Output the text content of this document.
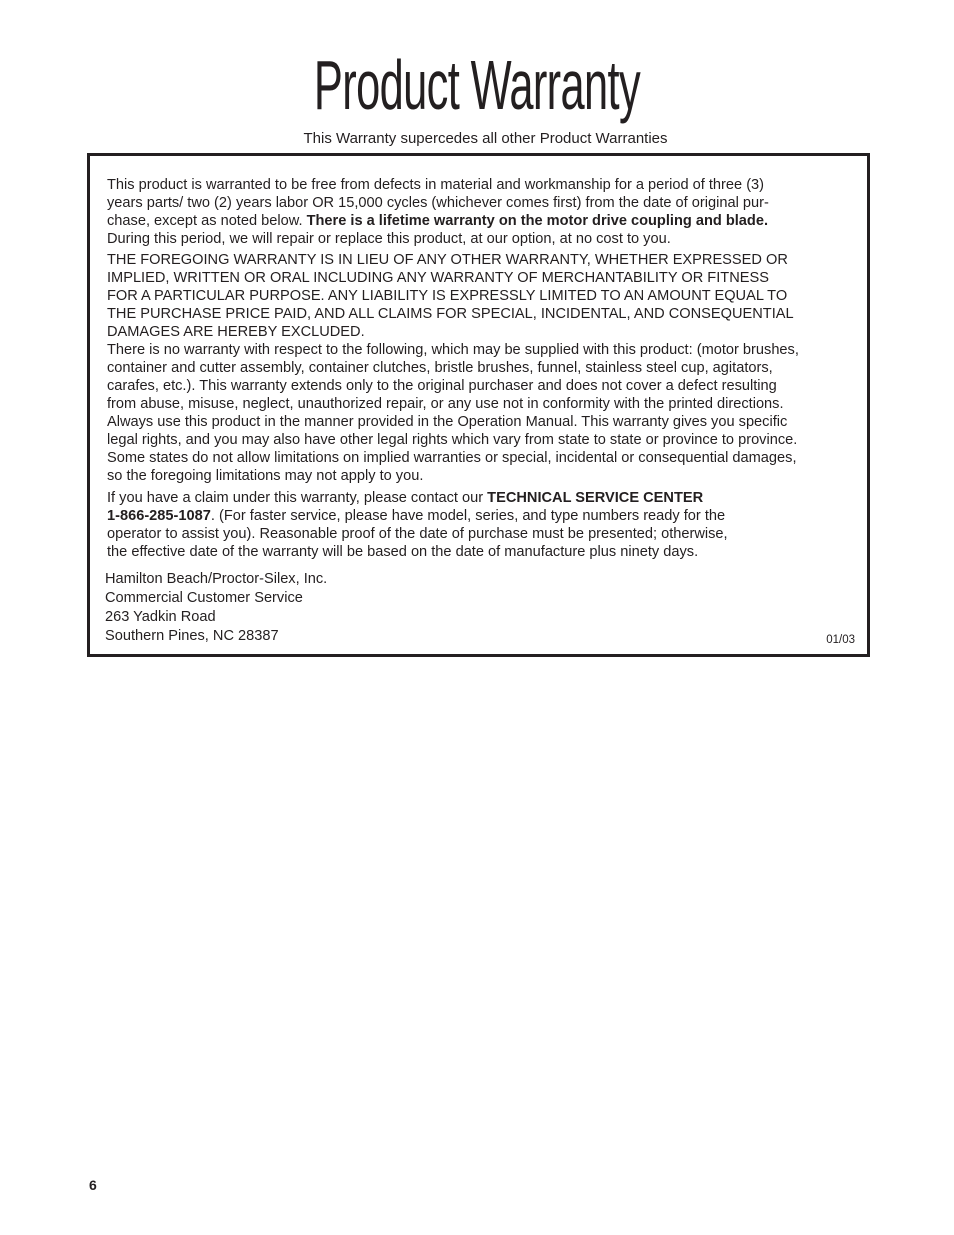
Product Warranty
This Warranty supercedes all other Product Warranties

This product is warranted to be free from defects in material and workmanship for a period of three (3)
years parts/ two (2) years labor OR 15,000 cycles (whichever comes first) from the date of original pur-
chase, except as noted below. There is a lifetime warranty on the motor drive coupling and blade.
During this period, we will repair or replace this product, at our option, at no cost to you.

THE FOREGOING WARRANTY IS IN LIEU OF ANY OTHER WARRANTY, WHETHER EXPRESSED OR
IMPLIED, WRITTEN OR ORAL INCLUDING ANY WARRANTY OF MERCHANTABILITY OR FITNESS
FOR A PARTICULAR PURPOSE. ANY LIABILITY IS EXPRESSLY LIMITED TO AN AMOUNT EQUAL TO
THE PURCHASE PRICE PAID, AND ALL CLAIMS FOR SPECIAL, INCIDENTAL, AND CONSEQUENTIAL
DAMAGES ARE HEREBY EXCLUDED.
There is no warranty with respect to the following, which may be supplied with this product: (motor brushes,
container and cutter assembly, container clutches, bristle brushes, funnel, stainless steel cup, agitators,
carafes, etc.). This warranty extends only to the original purchaser and does not cover a defect resulting
from abuse, misuse, neglect, unauthorized repair, or any use not in conformity with the printed directions.
Always use this product in the manner provided in the Operation Manual. This warranty gives you specific
legal rights, and you may also have other legal rights which vary from state to state or province to province.
Some states do not allow limitations on implied warranties or special, incidental or consequential damages,
so the foregoing limitations may not apply to you.

If you have a claim under this warranty, please contact our TECHNICAL SERVICE CENTER
1-866-285-1087. (For faster service, please have model, series, and type numbers ready for the
operator to assist you). Reasonable proof of the date of purchase must be presented; otherwise,
the effective date of the warranty will be based on the date of manufacture plus ninety days.

Hamilton Beach/Proctor-Silex, Inc.
Commercial Customer Service
263 Yadkin Road
Southern Pines, NC 28387	01/03
6
